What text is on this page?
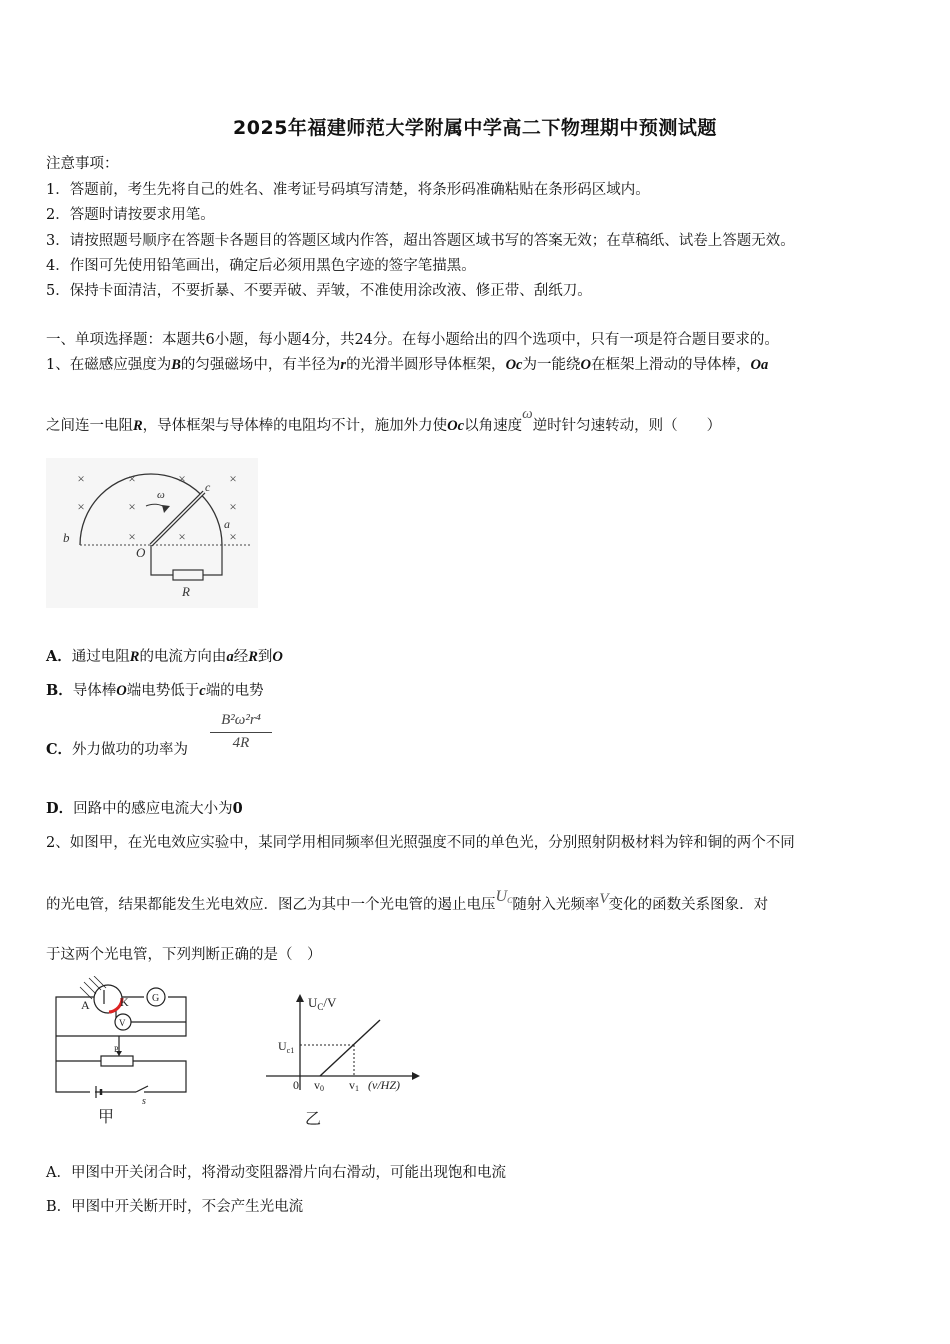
2025年福建师范大学附属中学高二下物理期中预测试题
注意事项：
1．答题前，考生先将自己的姓名、准考证号码填写清楚，将条形码准确粘贴在条形码区域内。
2．答题时请按要求用笔。
3．请按照题号顺序在答题卡各题目的答题区域内作答，超出答题区域书写的答案无效；在草稿纸、试卷上答题无效。
4．作图可先使用铅笔画出，确定后必须用黑色字迹的签字笔描黑。
5．保持卡面清洁，不要折暴、不要弄破、弄皱，不准使用涂改液、修正带、刮纸刀。
一、单项选择题：本题共6小题，每小题4分，共24分。在每小题给出的四个选项中，只有一项是符合题目要求的。
1、在磁感应强度为B的匀强磁场中，有半径为r的光滑半圆形导体框架，Oc为一能绕O在框架上滑动的导体棒，Oa
之间连一电阻R，导体框架与导体棒的电阻均不计，施加外力使Oc以角速度ω逆时针匀速转动，则（　　）
×	×	×	×
×	×	×
×	×	×
ω
c
a
b
O
R
A．通过电阻R的电流方向由a经R到O
B．导体棒O端电势低于c端的电势
C．外力做功的功率为 $\frac{\text{B²ω²r⁴}}{4R}$
D．回路中的感应电流大小为0
2、如图甲，在光电效应实验中，某同学用相同频率但光照强度不同的单色光，分别照射阴极材料为锌和铜的两个不同
的光电管，结果都能发生光电效应．图乙为其中一个光电管的遏止电压$U^C$随射入光频率V变化的函数关系图象．对
于这两个光电管，下列判断正确的是（　）
A	K G
V
P
s
甲
$U_C/V$
$U_{c1}$
0 v0 v1 (v/HZ)
乙
A．甲图中开关闭合时，将滑动变阻器滑片向右滑动，可能出现饱和电流
B．甲图中开关断开时，不会产生光电流
